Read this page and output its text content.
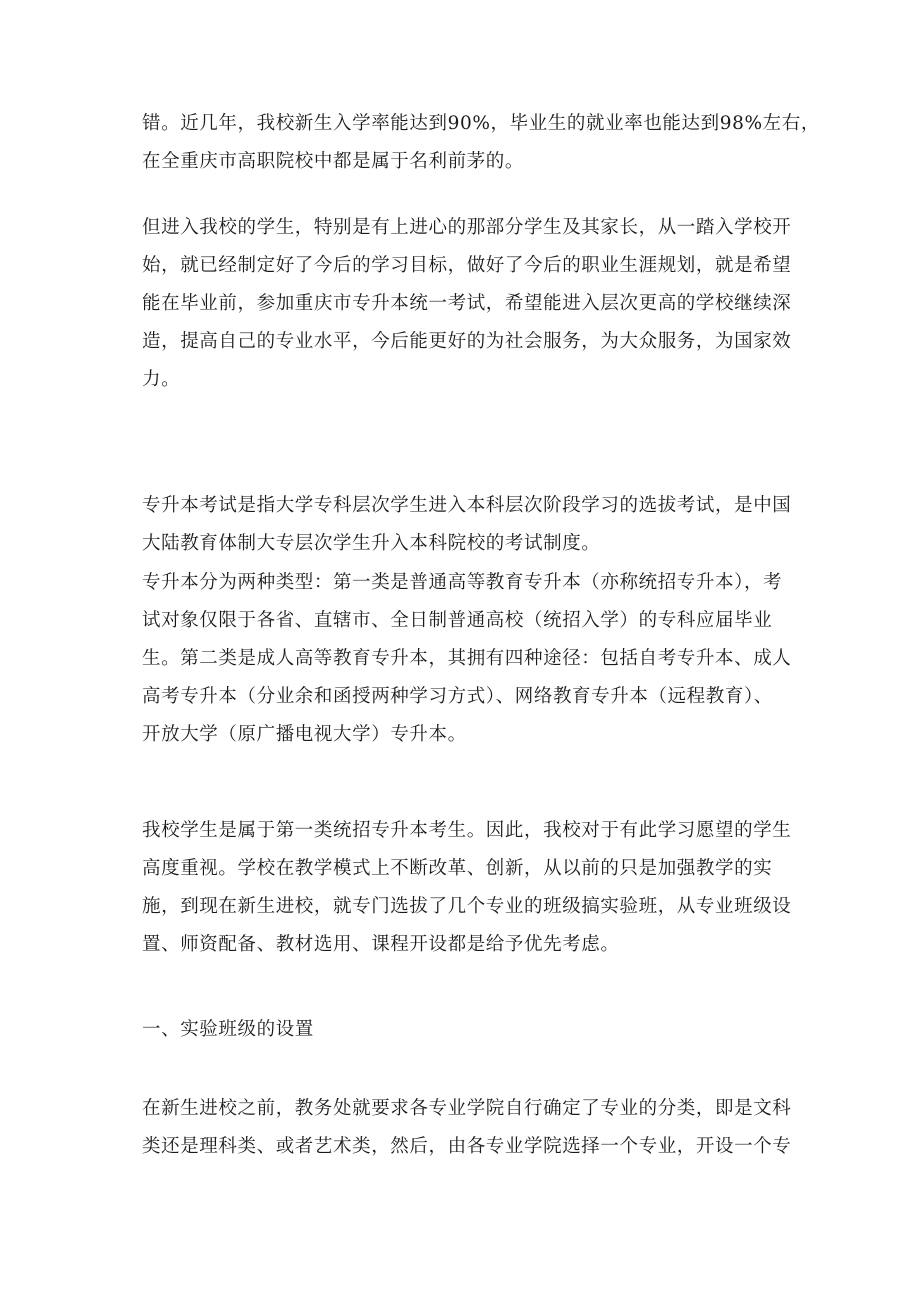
错。近几年，我校新生入学率能达到90%，毕业生的就业率也能达到98%左右，
在全重庆市高职院校中都是属于名利前茅的。
但进入我校的学生，特别是有上进心的那部分学生及其家长，从一踏入学校开
始，就已经制定好了今后的学习目标，做好了今后的职业生涯规划，就是希望
能在毕业前，参加重庆市专升本统一考试，希望能进入层次更高的学校继续深
造，提高自己的专业水平，今后能更好的为社会服务，为大众服务，为国家效
力。
专升本考试是指大学专科层次学生进入本科层次阶段学习的选拔考试，是中国
大陆教育体制大专层次学生升入本科院校的考试制度。
专升本分为两种类型：第一类是普通高等教育专升本（亦称统招专升本），考
试对象仅限于各省、直辖市、全日制普通高校（统招入学）的专科应届毕业
生。第二类是成人高等教育专升本，其拥有四种途径：包括自考专升本、成人
高考专升本（分业余和函授两种学习方式）、网络教育专升本（远程教育）、
开放大学（原广播电视大学）专升本。
我校学生是属于第一类统招专升本考生。因此，我校对于有此学习愿望的学生
高度重视。学校在教学模式上不断改革、创新，从以前的只是加强教学的实
施，到现在新生进校，就专门选拔了几个专业的班级搞实验班，从专业班级设
置、师资配备、教材选用、课程开设都是给予优先考虑。
一、实验班级的设置
在新生进校之前，教务处就要求各专业学院自行确定了专业的分类，即是文科
类还是理科类、或者艺术类，然后，由各专业学院选择一个专业，开设一个专
